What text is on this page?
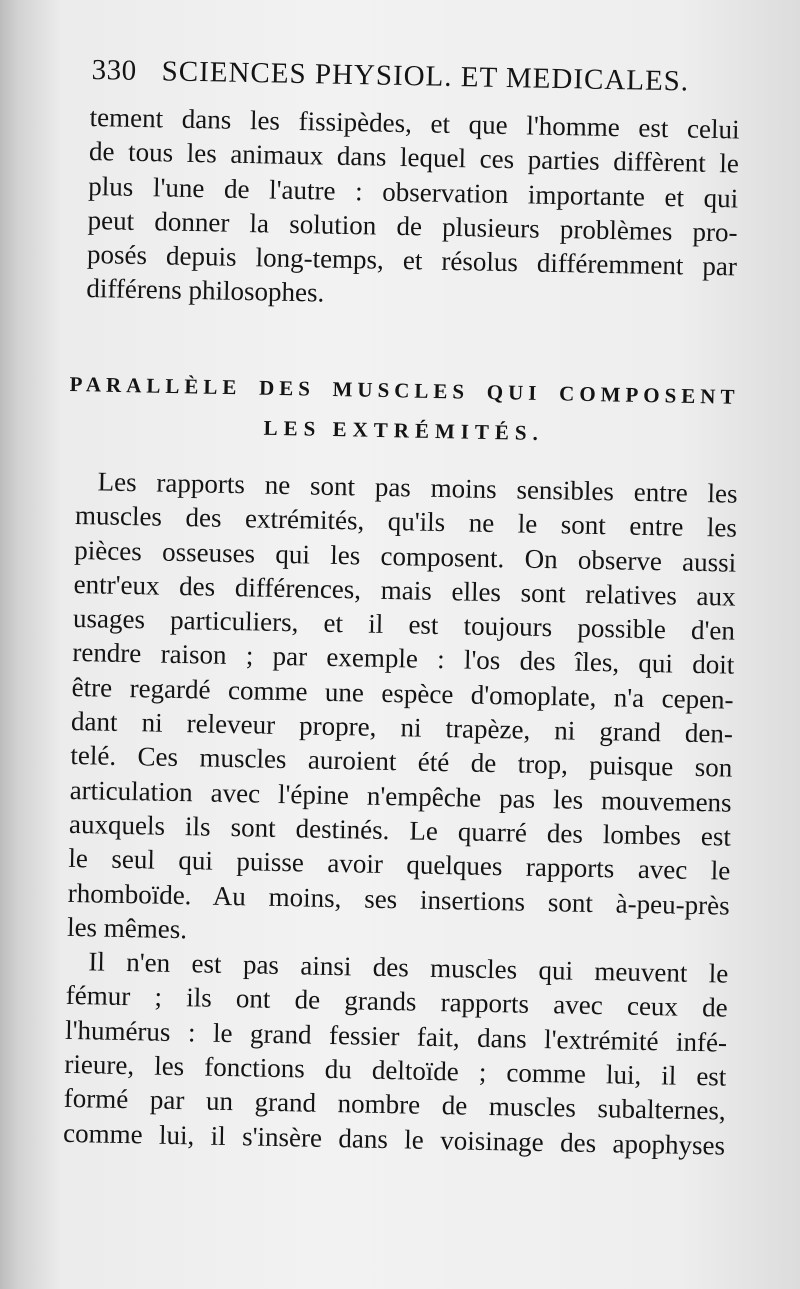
330 SCIENCES PHYSIOL. ET MEDICALES.
tement dans les fissipèdes, et que l'homme est celui
de tous les animaux dans lequel ces parties diffèrent le
plus l'une de l'autre : observation importante et qui
peut donner la solution de plusieurs problèmes pro-
posés depuis long-temps, et résolus différemment par
différens philosophes.
PARALLÈLE DES MUSCLES QUI COMPOSENT
LES EXTRÉMITÉS.
Les rapports ne sont pas moins sensibles entre les
muscles des extrémités, qu'ils ne le sont entre les
pièces osseuses qui les composent. On observe aussi
entr'eux des différences, mais elles sont relatives aux
usages particuliers, et il est toujours possible d'en
rendre raison ; par exemple : l'os des îles, qui doit
être regardé comme une espèce d'omoplate, n'a cepen-
dant ni releveur propre, ni trapèze, ni grand den-
telé. Ces muscles auroient été de trop, puisque son
articulation avec l'épine n'empêche pas les mouvemens
auxquels ils sont destinés. Le quarré des lombes est
le seul qui puisse avoir quelques rapports avec le
rhomboïde. Au moins, ses insertions sont à-peu-près
les mêmes.
Il n'en est pas ainsi des muscles qui meuvent le
fémur ; ils ont de grands rapports avec ceux de
l'humérus : le grand fessier fait, dans l'extrémité infé-
rieure, les fonctions du deltoïde ; comme lui, il est
formé par un grand nombre de muscles subalternes,
comme lui, il s'insère dans le voisinage des apophyses
